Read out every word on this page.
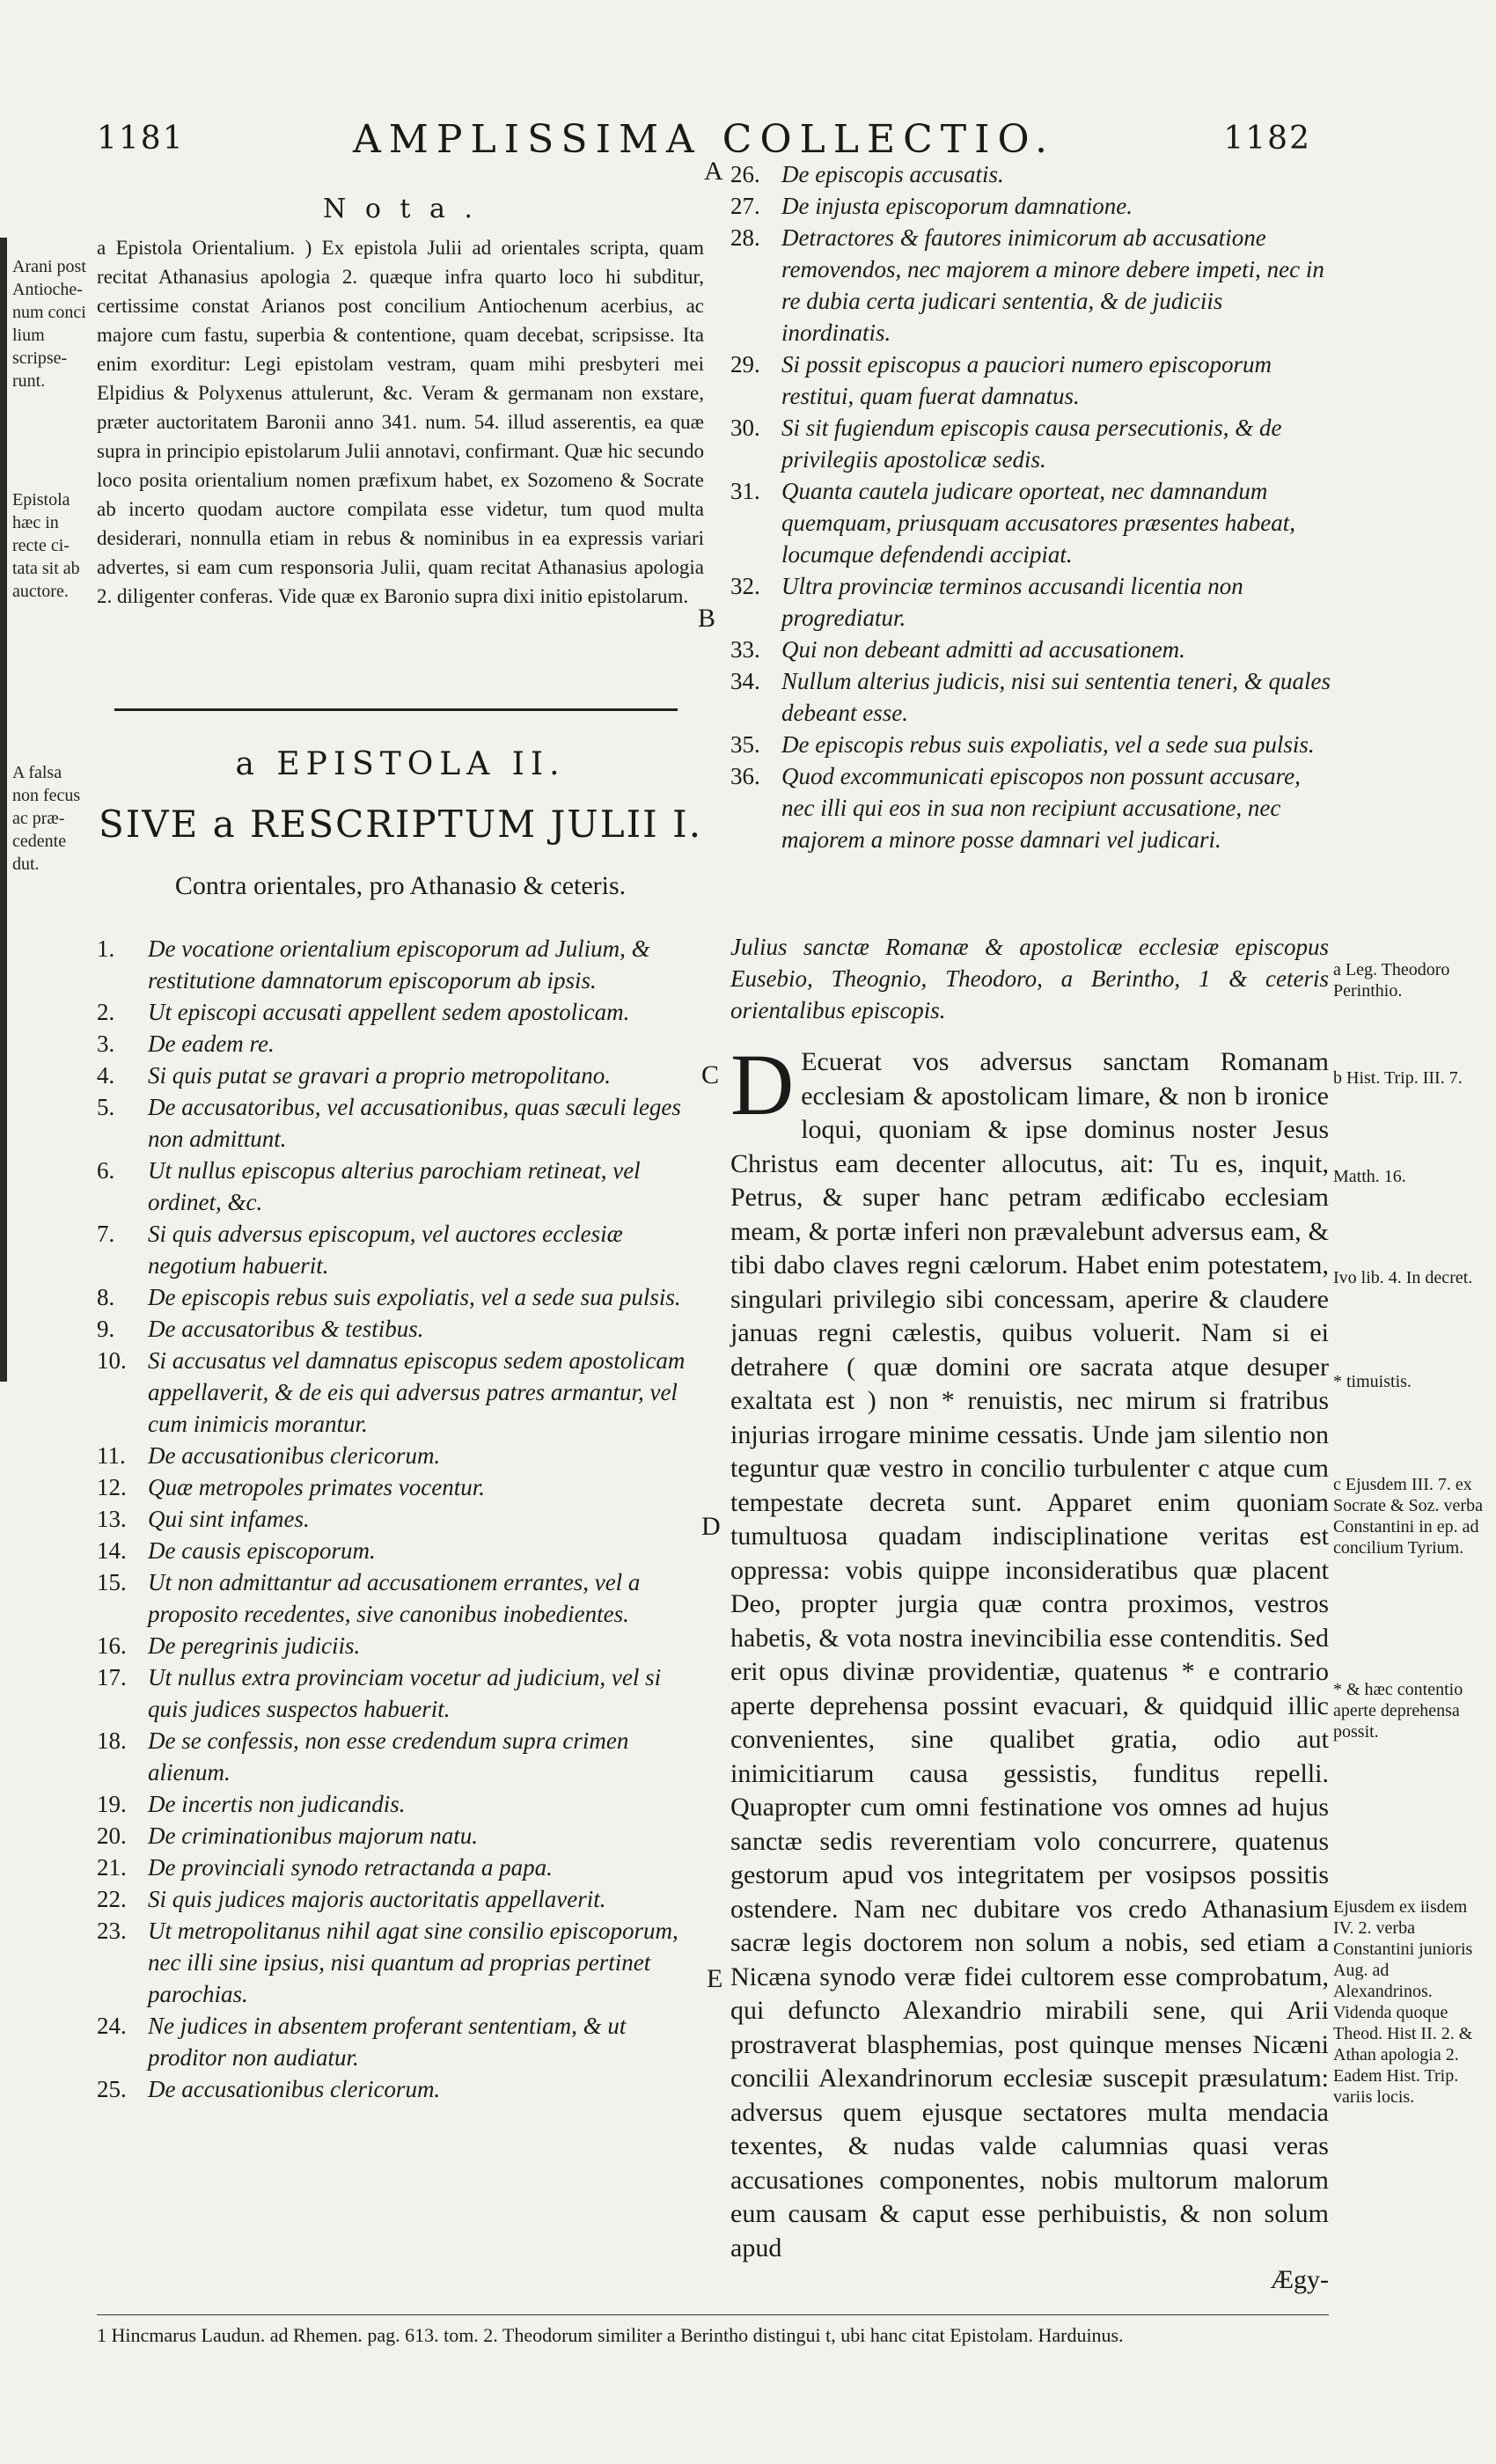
1181	AMPLISSIMA COLLECTIO.	1182

Arani post Antioche- num conci lium scripse- runt.

Epistola hæc in recte ci- tata sit ab auctore.

A falsa non fecus ac præ- cedente dut.

N o t a .

a Epistola Orientalium. ) Ex epistola Julii ad orientales scripta, quam recitat Athanasius apologia 2. quæque infra quarto loco hi subditur, certissime constat Arianos post concilium Antiochenum acerbius, ac majore cum fastu, superbia & contentione, quam decebat, scripsisse. Ita enim exorditur: Legi epistolam vestram, quam mihi presbyteri mei Elpidius & Polyxenus attulerunt, &c. Veram & germanam non exstare, præter auctoritatem Baronii anno 341. num. 54. illud asserentis, ea quæ supra in principio epistolarum Julii annotavi, confirmant. Quæ hic secundo loco posita orientalium nomen præfixum habet, ex Sozomeno & Socrate ab incerto quodam auctore compilata esse videtur, tum quod multa desiderari, nonnulla etiam in rebus & nominibus in ea expressis variari advertes, si eam cum responsoria Julii, quam recitat Athanasius apologia 2. diligenter conferas. Vide quæ ex Baronio supra dixi initio epistolarum.

a EPISTOLA II.
SIVE a RESCRIPTUM JULII I.
Contra orientales, pro Athanasio & ceteris.
1.	De vocatione orientalium episcoporum ad Julium, & restitutione damnatorum episcoporum ab ipsis.
2.	Ut episcopi accusati appellent sedem apostolicam.
3.	De eadem re.
4.	Si quis putat se gravari a proprio metropolitano.
5.	De accusatoribus, vel accusationibus, quas sæculi leges non admittunt.
6.	Ut nullus episcopus alterius parochiam retineat, vel ordinet, &c.
7.	Si quis adversus episcopum, vel auctores ecclesiæ negotium habuerit.
8.	De episcopis rebus suis expoliatis, vel a sede sua pulsis.
9.	De accusatoribus & testibus.
10. Si accusatus vel damnatus episcopus sedem apostolicam appellaverit, & de eis qui adversus patres armantur, vel cum inimicis morantur.
11. De accusationibus clericorum.
12. Quæ metropoles primates vocentur.
13. Qui sint infames.
14. De causis episcoporum.
15. Ut non admittantur ad accusationem errantes, vel a proposito recedentes, sive canonibus inobedientes.
16. De peregrinis judiciis.
17. Ut nullus extra provinciam vocetur ad judicium, vel si quis judices suspectos habuerit.
18. De se confessis, non esse credendum supra crimen alienum.
19. De incertis non judicandis.
20. De criminationibus majorum natu.
21. De provinciali synodo retractanda a papa.
22. Si quis judices majoris auctoritatis appellaverit.
23. Ut metropolitanus nihil agat sine consilio episcoporum, nec illi sine ipsius, nisi quantum ad proprias pertinet parochias.
24. Ne judices in absentem proferant sententiam, & ut proditor non audiatur.
25. De accusationibus clericorum.
26. De episcopis accusatis.
27. De injusta episcoporum damnatione.
28. Detractores & fautores inimicorum ab accusatione removendos, nec majorem a minore debere impeti, nec in re dubia certa judicari sententia, & de judiciis inordinatis.
29. Si possit episcopus a pauciori numero episcoporum restitui, quam fuerat damnatus.
30. Si sit fugiendum episcopis causa persecutionis, & de privilegiis apostolicæ sedis.
31. Quanta cautela judicare oporteat, nec damnandum quemquam, priusquam accusatores præsentes habeat, locumque defendendi accipiat.
32. Ultra provinciæ terminos accusandi licentia non progrediatur.
33. Qui non debeant admitti ad accusationem.
34. Nullum alterius judicis, nisi sui sententia teneri, & quales debeant esse.
35. De episcopis rebus suis expoliatis, vel a sede sua pulsis.
36. Quod excommunicati episcopos non possunt accusare, nec illi qui eos in sua non recipiunt accusatione, nec majorem a minore posse damnari vel judicari.

Julius sanctæ Romanæ & apostolicæ ecclesiæ episcopus Eusebio, Theognio, Theodoro, a Berintho, 1 & ceteris orientalibus episcopis.

D Ecuerat vos adversus sanctam Romanam ecclesiam & apostolicam limare, & non b ironice loqui, quoniam & ipse dominus noster Jesus Christus eam decenter allocutus, ait: Tu es, inquit, Petrus, & super hanc petram ædificabo ecclesiam meam, & portæ inferi non prævalebunt adversus eam, & tibi dabo claves regni cælorum. Habet enim potestatem, singulari privilegio sibi concessam, aperire & claudere januas regni cælestis, quibus voluerit. Nam si ei detrahere ( quæ domini ore sacrata atque desuper exaltata est ) non * renuistis, nec mirum si fratribus injurias irrogare minime cessatis. Unde jam silentio non teguntur quæ vestro in concilio turbulenter c atque cum tempestate decreta sunt. Apparet enim quoniam tumultuosa quadam indisciplinatione veritas est oppressa: vobis quippe inconsideratibus quæ placent Deo, propter jurgia quæ contra proximos, vestros habetis, & vota nostra inevincibilia esse contenditis. Sed erit opus divinæ providentiæ, quatenus * e contrario aperte deprehensa possint evacuari, & quidquid illic convenientes, sine qualibet gratia, odio aut inimicitiarum causa gessistis, funditus repelli. Quapropter cum omni festinatione vos omnes ad hujus sanctæ sedis reverentiam volo concurrere, quatenus gestorum apud vos integritatem per vosipsos possitis ostendere. Nam nec dubitare vos credo Athanasium sacræ legis doctorem non solum a nobis, sed etiam a Nicæna synodo veræ fidei cultorem esse comprobatum, qui defuncto Alexandrio mirabili sene, qui Arii prostraverat blasphemias, post quinque menses Nicæni concilii Alexandrinorum ecclesiæ suscepit præsulatum: adversus quem ejusque sectatores multa mendacia texentes, & nudas valde calumnias quasi veras accusationes componentes, nobis multorum malorum eum causam & caput esse perhibuistis, & non solum apud

Ægy-
A
B
C
D
E

a Leg. Theodoro Perinthio.

b Hist. Trip. III. 7.

Matth. 16.

Ivo lib. 4. In decret.

* timuistis.

c Ejusdem III. 7. ex Socrate & Soz. verba Constantini in ep. ad concilium Tyrium.

* & hæc contentio aperte deprehensa possit.

Ejusdem ex iisdem IV. 2. verba Constantini junioris Aug. ad Alexandrinos. Videnda quoque Theod. Hist II. 2. & Athan apologia 2. Eadem Hist. Trip. variis locis.

1 Hincmarus Laudun. ad Rhemen. pag. 613. tom. 2. Theodorum similiter a Berintho distingui t, ubi hanc citat Epistolam. Harduinus.
